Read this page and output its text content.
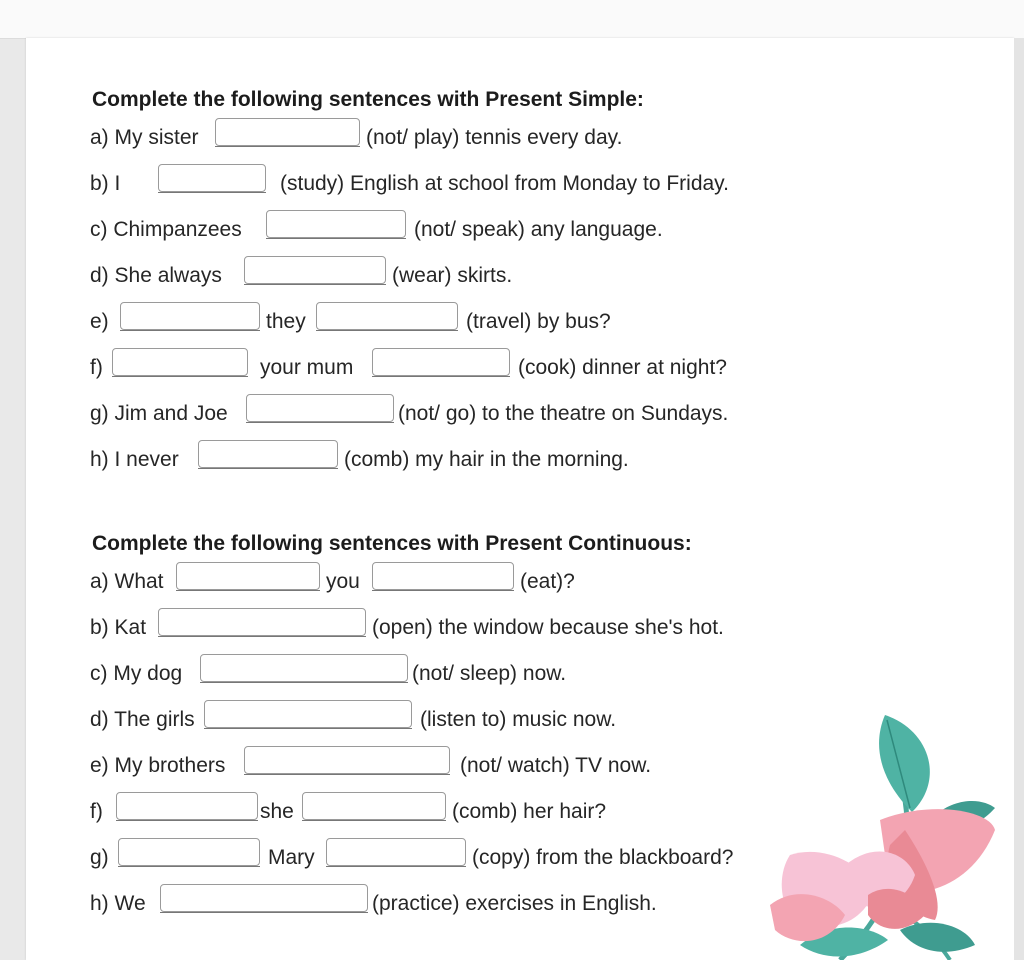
Complete the following sentences with Present Simple:
a) My sister	(not/ play) tennis every day.
b) I	(study) English at school from Monday to Friday.
c) Chimpanzees	(not/ speak) any language.
d) She always	(wear) skirts.
e)	they	(travel) by bus?
f)	your mum	(cook) dinner at night?
g) Jim and Joe	(not/ go) to the theatre on Sundays.
h) I never	(comb) my hair in the morning.
Complete the following sentences with Present Continuous:
a) What	you	(eat)?
b) Kat	(open) the window because she's hot.
c) My dog	(not/ sleep) now.
d) The girls	(listen to) music now.
e) My brothers	(not/ watch) TV now.
f)	she	(comb) her hair?
g)	Mary	(copy) from the blackboard?
h) We	(practice) exercises in English.
